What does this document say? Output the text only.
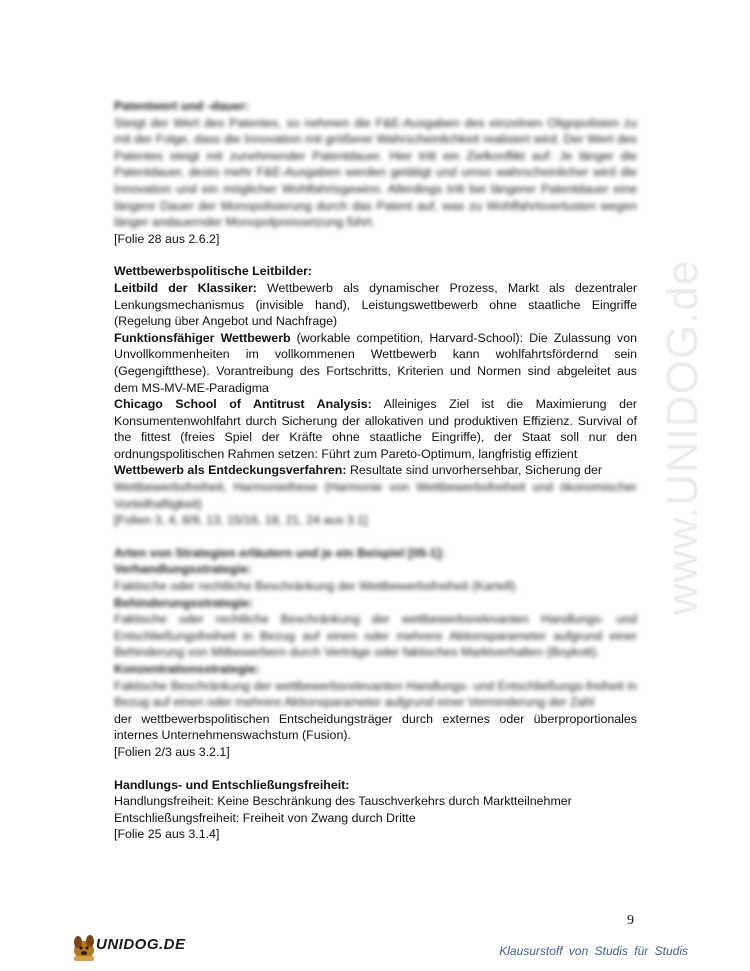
www.UNIDOG.de

Patentwert und -dauer:

Steigt der Wert des Patentes, so nehmen die F&E-Ausgaben des einzelnen Oligopolisten zu mit der Folge, dass die Innovation mit größerer Wahrscheinlichkeit realisiert wird. Der Wert des Patentes steigt mit zunehmender Patentdauer. Hier tritt ein Zielkonflikt auf: Je länger die Patentdauer, desto mehr F&E-Ausgaben werden getätigt und umso wahrscheinlicher wird die Innovation und ein möglicher Wohlfahrtsgewinn. Allerdings tritt bei längerer Patentdauer eine längere Dauer der Monopolisierung durch das Patent auf, was zu Wohlfahrtsverlusten wegen länger andauernder Monopolpreissetzung führt.

[Folie 28 aus 2.6.2]

Wettbewerbspolitische Leitbilder:

Leitbild der Klassiker: Wettbewerb als dynamischer Prozess, Markt als dezentraler Lenkungsmechanismus (invisible hand), Leistungswettbewerb ohne staatliche Eingriffe (Regelung über Angebot und Nachfrage)

Funktionsfähiger Wettbewerb (workable competition, Harvard-School): Die Zulassung von Unvollkommenheiten im vollkommenen Wettbewerb kann wohlfahrtsfördernd sein (Gegengiftthese). Vorantreibung des Fortschritts, Kriterien und Normen sind abgeleitet aus dem MS-MV-ME-Paradigma

Chicago School of Antitrust Analysis: Alleiniges Ziel ist die Maximierung der Konsumentenwohlfahrt durch Sicherung der allokativen und produktiven Effizienz. Survival of the fittest (freies Spiel der Kräfte ohne staatliche Eingriffe), der Staat soll nur den ordnungspolitischen Rahmen setzen: Führt zum Pareto-Optimum, langfristig effizient

Wettbewerb als Entdeckungsverfahren: Resultate sind unvorhersehbar, Sicherung der

Wettbewerbsfreiheit, Harmoniethese (Harmonie von Wettbewerbsfreiheit und ökonomischer Vorteilhaftigkeit)

[Folien 3, 4, 8/9, 13, 15/16, 18, 21, 24 aus 3.1]

Arten von Strategien erläutern und je ein Beispiel [05-1]:

Verhandlungsstrategie:

Faktische oder rechtliche Beschränkung der Wettbewerbsfreiheit (Kartell).

Behinderungsstrategie:

Faktische oder rechtliche Beschränkung der wettbewerbsrelevanten Handlungs- und Entschließungsfreiheit in Bezug auf einen oder mehrere Aktionsparameter aufgrund einer Behinderung von Mitbewerbern durch Verträge oder faktisches Marktverhalten (Boykott).

Konzentrationsstrategie:

Faktische Beschränkung der wettbewerbsrelevanten Handlungs- und Entschließungs-freiheit in Bezug auf einen oder mehrere Aktionsparameter aufgrund einer Verminderung der Zahl

der wettbewerbspolitischen Entscheidungsträger durch externes oder überproportionales internes Unternehmenswachstum (Fusion).

[Folien 2/3 aus 3.2.1]

Handlungs- und Entschließungsfreiheit:

Handlungsfreiheit: Keine Beschränkung des Tauschverkehrs durch Marktteilnehmer

Entschließungsfreiheit: Freiheit von Zwang durch Dritte

[Folie 25 aus 3.1.4]

9
UNIDOG.DE	Klausurstoff von Studis für Studis
